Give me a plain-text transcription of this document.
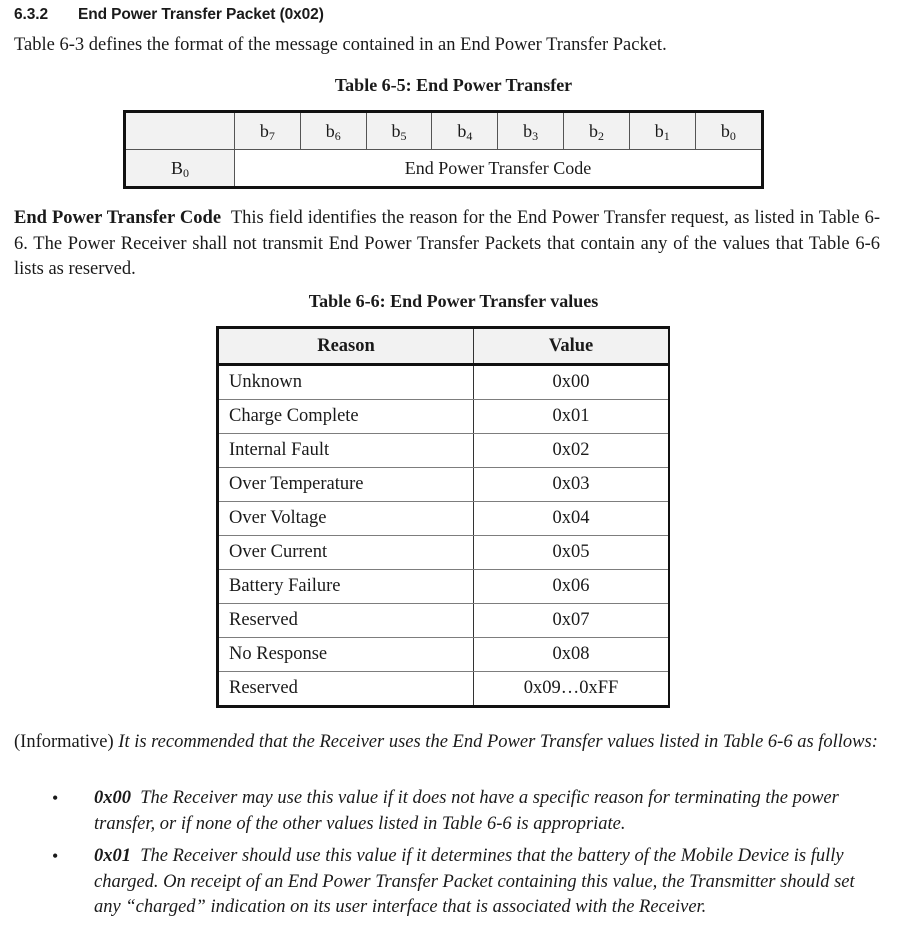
6.3.2 End Power Transfer Packet (0x02)
Table 6-3 defines the format of the message contained in an End Power Transfer Packet.
Table 6-5: End Power Transfer
	$b_7$	$b_6$	$b_5$	$b_4$	$b_3$	$b_2$	$b_1$	$b_0$
$B_0$	End Power Transfer Code							
End Power Transfer Code This field identifies the reason for the End Power Transfer request, as listed in Table 6-6. The Power Receiver shall not transmit End Power Transfer Packets that contain any of the values that Table 6-6 lists as reserved.
Table 6-6: End Power Transfer values
Reason	Value
Unknown	0x00
Charge Complete	0x01
Internal Fault	0x02
Over Temperature	0x03
Over Voltage	0x04
Over Current	0x05
Battery Failure	0x06
Reserved	0x07
No Response	0x08
Reserved	0x09…0xFF
(Informative) It is recommended that the Receiver uses the End Power Transfer values listed in Table 6-6 as follows:
• 0x00 The Receiver may use this value if it does not have a specific reason for terminating the power transfer, or if none of the other values listed in Table 6-6 is appropriate.
• 0x01 The Receiver should use this value if it determines that the battery of the Mobile Device is fully charged. On receipt of an End Power Transfer Packet containing this value, the Transmitter should set any “charged” indication on its user interface that is associated with the Receiver.
